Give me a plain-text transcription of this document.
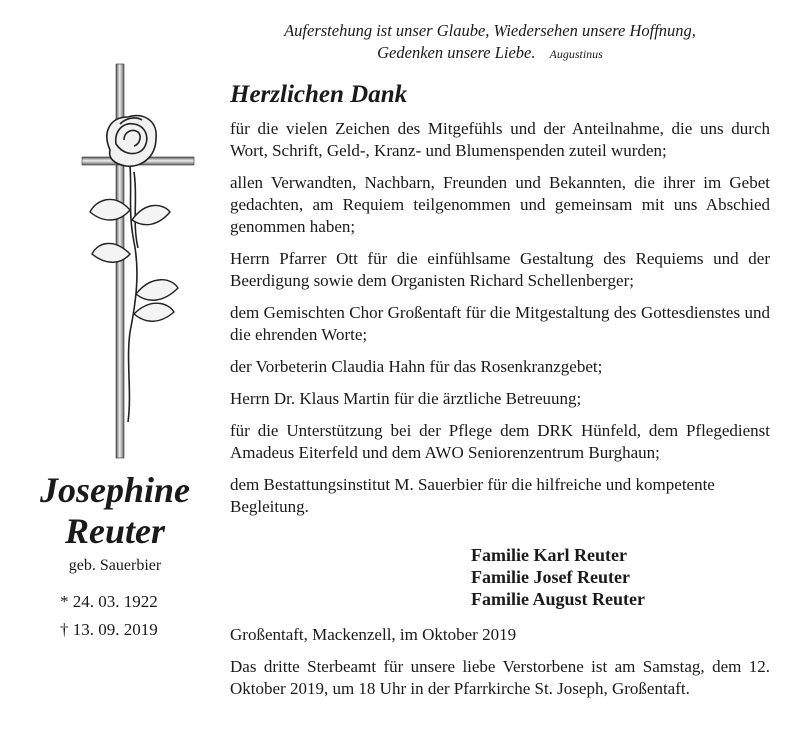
Auferstehung ist unser Glaube, Wiedersehen unsere Hoffnung,
Gedenken unsere Liebe. Augustinus
Herzlichen Dank

für die vielen Zeichen des Mitgefühls und der Anteilnahme, die uns durch Wort, Schrift, Geld-, Kranz- und Blumenspenden zuteil wurden;

allen Verwandten, Nachbarn, Freunden und Bekannten, die ihrer im Gebet gedachten, am Requiem teilgenommen und gemeinsam mit uns Abschied genommen haben;

Herrn Pfarrer Ott für die einfühlsame Gestaltung des Requiems und der Beerdigung sowie dem Organisten Richard Schellenberger;

dem Gemischten Chor Großentaft für die Mitgestaltung des Gottesdienstes und die ehrenden Worte;

der Vorbeterin Claudia Hahn für das Rosenkranzgebet;

Herrn Dr. Klaus Martin für die ärztliche Betreuung;

für die Unterstützung bei der Pflege dem DRK Hünfeld, dem Pflegedienst Amadeus Eiterfeld und dem AWO Seniorenzentrum Burghaun;

dem Bestattungsinstitut M. Sauerbier für die hilfreiche und kompetente Begleitung.

Familie Karl Reuter
Familie Josef Reuter
Familie August Reuter
Großentaft, Mackenzell, im Oktober 2019
Das dritte Sterbeamt für unsere liebe Verstorbene ist am Samstag, dem 12. Oktober 2019, um 18 Uhr in der Pfarrkirche St. Joseph, Großentaft.
Josephine
Reuter
geb. Sauerbier
* 24. 03. 1922
† 13. 09. 2019
